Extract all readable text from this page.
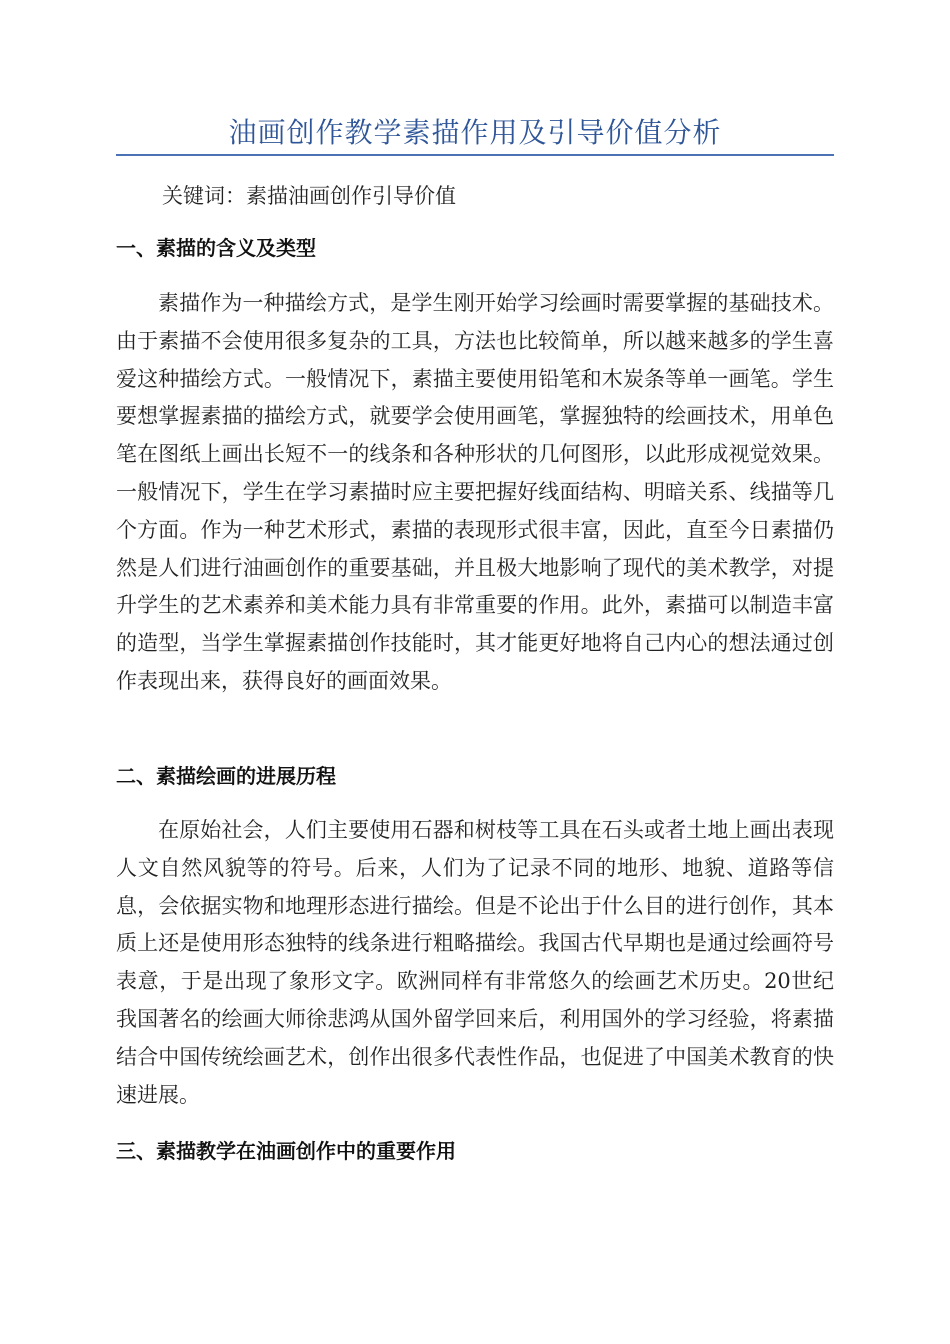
油画创作教学素描作用及引导价值分析
关键词：素描油画创作引导价值
一、素描的含义及类型

素描作为一种描绘方式，是学生刚开始学习绘画时需要掌握的基础技术。由于素描不会使用很多复杂的工具，方法也比较简单，所以越来越多的学生喜爱这种描绘方式。一般情况下，素描主要使用铅笔和木炭条等单一画笔。学生要想掌握素描的描绘方式，就要学会使用画笔，掌握独特的绘画技术，用单色笔在图纸上画出长短不一的线条和各种形状的几何图形，以此形成视觉效果。一般情况下，学生在学习素描时应主要把握好线面结构、明暗关系、线描等几个方面。作为一种艺术形式，素描的表现形式很丰富，因此，直至今日素描仍然是人们进行油画创作的重要基础，并且极大地影响了现代的美术教学，对提升学生的艺术素养和美术能力具有非常重要的作用。此外，素描可以制造丰富的造型，当学生掌握素描创作技能时，其才能更好地将自己内心的想法通过创作表现出来，获得良好的画面效果。

二、素描绘画的进展历程

在原始社会，人们主要使用石器和树枝等工具在石头或者土地上画出表现人文自然风貌等的符号。后来，人们为了记录不同的地形、地貌、道路等信息，会依据实物和地理形态进行描绘。但是不论出于什么目的进行创作，其本质上还是使用形态独特的线条进行粗略描绘。我国古代早期也是通过绘画符号表意，于是出现了象形文字。欧洲同样有非常悠久的绘画艺术历史。20世纪我国著名的绘画大师徐悲鸿从国外留学回来后，利用国外的学习经验，将素描结合中国传统绘画艺术，创作出很多代表性作品，也促进了中国美术教育的快速进展。

三、素描教学在油画创作中的重要作用
